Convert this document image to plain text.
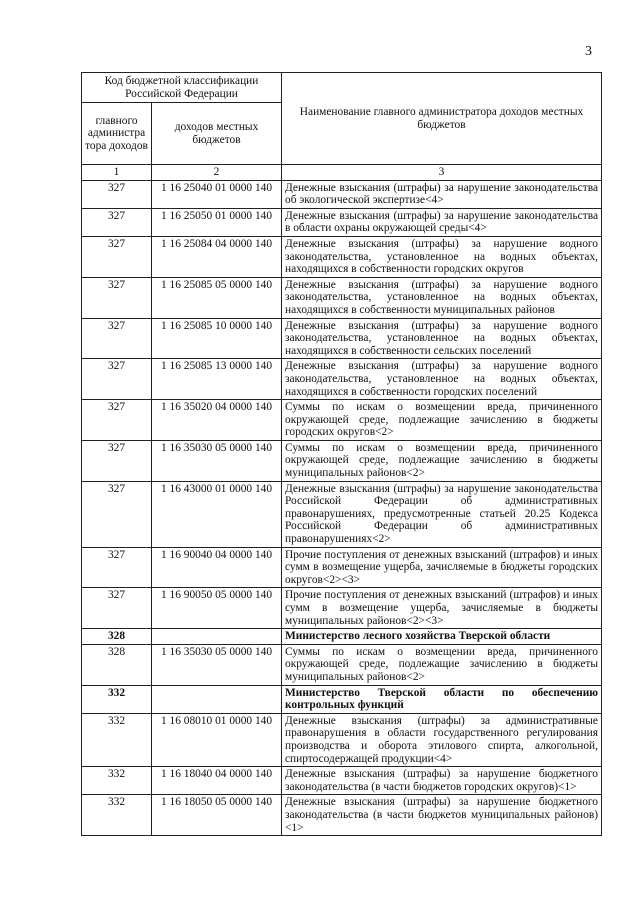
3
Код бюджетной классификации Российской Федерации		Наименование главного администратора доходов местных бюджетов
главного администра тора доходов	доходов местных бюджетов	
1	2	3
327	1 16 25040 01 0000 140	Денежные взыскания (штрафы) за нарушение законодательства об экологической экспертизе<4>
327	1 16 25050 01 0000 140	Денежные взыскания (штрафы) за нарушение законодательства в области охраны окружающей среды<4>
327	1 16 25084 04 0000 140	Денежные взыскания (штрафы) за нарушение водного законодательства, установленное на водных объектах, находящихся в собственности городских округов
327	1 16 25085 05 0000 140	Денежные взыскания (штрафы) за нарушение водного законодательства, установленное на водных объектах, находящихся в собственности муниципальных районов
327	1 16 25085 10 0000 140	Денежные взыскания (штрафы) за нарушение водного законодательства, установленное на водных объектах, находящихся в собственности сельских поселений
327	1 16 25085 13 0000 140	Денежные взыскания (штрафы) за нарушение водного законодательства, установленное на водных объектах, находящихся в собственности городских поселений
327	1 16 35020 04 0000 140	Суммы по искам о возмещении вреда, причиненного окружающей среде, подлежащие зачислению в бюджеты городских округов<2>
327	1 16 35030 05 0000 140	Суммы по искам о возмещении вреда, причиненного окружающей среде, подлежащие зачислению в бюджеты муниципальных районов<2>
327	1 16 43000 01 0000 140	Денежные взыскания (штрафы) за нарушение законодательства Российской Федерации об административных правонарушениях, предусмотренные статьей 20.25 Кодекса Российской Федерации об административных правонарушениях<2>
327	1 16 90040 04 0000 140	Прочие поступления от денежных взысканий (штрафов) и иных сумм в возмещение ущерба, зачисляемые в бюджеты городских округов<2><3>
327	1 16 90050 05 0000 140	Прочие поступления от денежных взысканий (штрафов) и иных сумм в возмещение ущерба, зачисляемые в бюджеты муниципальных районов<2><3>
328		Министерство лесного хозяйства Тверской области
328	1 16 35030 05 0000 140	Суммы по искам о возмещении вреда, причиненного окружающей среде, подлежащие зачислению в бюджеты муниципальных районов<2>
332		Министерство Тверской области по обеспечению контрольных функций
332	1 16 08010 01 0000 140	Денежные взыскания (штрафы) за административные правонарушения в области государственного регулирования производства и оборота этилового спирта, алкогольной, спиртосодержащей продукции<4>
332	1 16 18040 04 0000 140	Денежные взыскания (штрафы) за нарушение бюджетного законодательства (в части бюджетов городских округов)<1>
332	1 16 18050 05 0000 140	Денежные взыскания (штрафы) за нарушение бюджетного законодательства (в части бюджетов муниципальных районов)<1>
